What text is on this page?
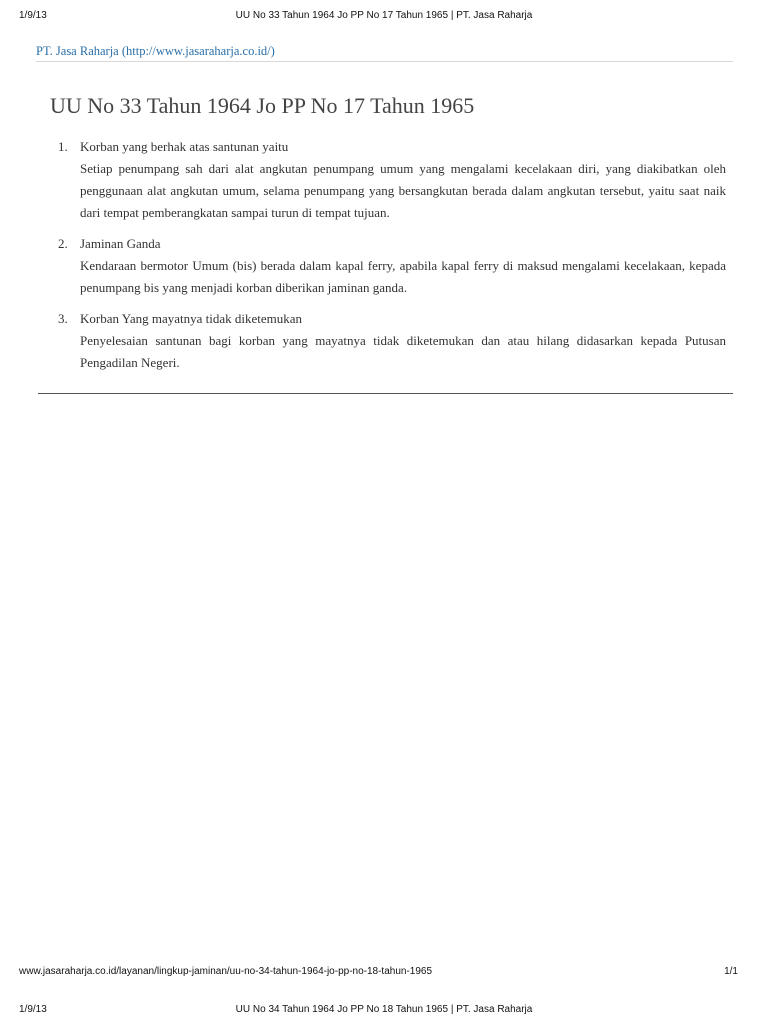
1/9/13	UU No 33 Tahun 1964 Jo PP No 17 Tahun 1965 | PT. Jasa Raharja
PT. Jasa Raharja (http://www.jasaraharja.co.id/)
UU No 33 Tahun 1964 Jo PP No 17 Tahun 1965
1. Korban yang berhak atas santunan yaitu

Setiap penumpang sah dari alat angkutan penumpang umum yang mengalami kecelakaan diri, yang diakibatkan oleh penggunaan alat angkutan umum, selama penumpang yang bersangkutan berada dalam angkutan tersebut, yaitu saat naik dari tempat pemberangkatan sampai turun di tempat tujuan.

2. Jaminan Ganda

Kendaraan bermotor Umum (bis) berada dalam kapal ferry, apabila kapal ferry di maksud mengalami kecelakaan, kepada penumpang bis yang menjadi korban diberikan jaminan ganda.

3. Korban Yang mayatnya tidak diketemukan

Penyelesaian santunan bagi korban yang mayatnya tidak diketemukan dan atau hilang didasarkan kepada Putusan Pengadilan Negeri.

www.jasaraharja.co.id/layanan/lingkup-jaminan/uu-no-34-tahun-1964-jo-pp-no-18-tahun-1965	1/1
1/9/13	UU No 34 Tahun 1964 Jo PP No 18 Tahun 1965 | PT. Jasa Raharja
